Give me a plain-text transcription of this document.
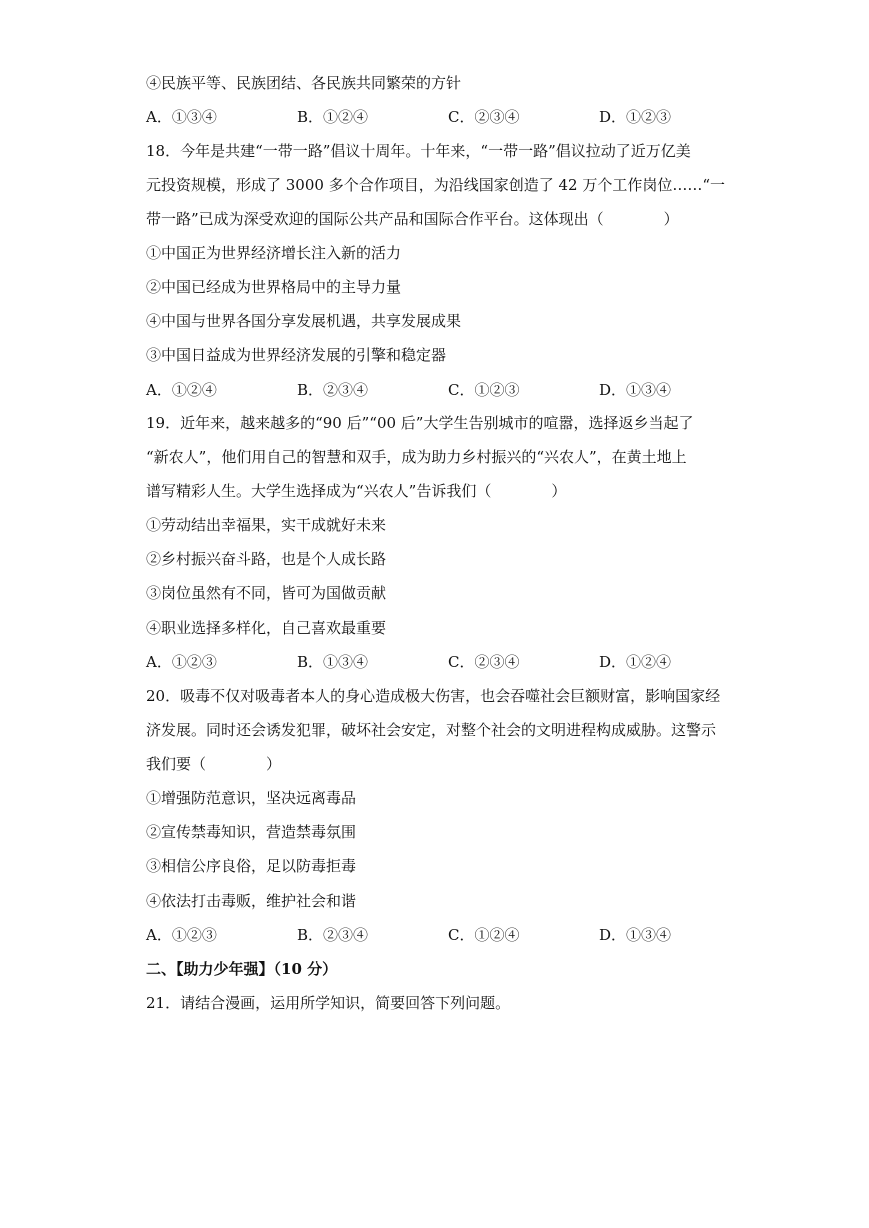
④民族平等、民族团结、各民族共同繁荣的方针
A．①③④	B．①②④	C．②③④	D．①②③
18．今年是共建“一带一路”倡议十周年。十年来，“一带一路”倡议拉动了近万亿美
元投资规模，形成了 3000 多个合作项目，为沿线国家创造了 42 万个工作岗位……“一
带一路”已成为深受欢迎的国际公共产品和国际合作平台。这体现出（　　　　）
①中国正为世界经济增长注入新的活力
②中国已经成为世界格局中的主导力量
④中国与世界各国分享发展机遇，共享发展成果
③中国日益成为世界经济发展的引擎和稳定器
A．①②④	B．②③④	C．①②③	D．①③④
19．近年来，越来越多的“90 后”“00 后”大学生告别城市的喧嚣，选择返乡当起了
“新农人”，他们用自己的智慧和双手，成为助力乡村振兴的“兴农人”，在黄土地上
谱写精彩人生。大学生选择成为“兴农人”告诉我们（　　　　）
①劳动结出幸福果，实干成就好未来
②乡村振兴奋斗路，也是个人成长路
③岗位虽然有不同，皆可为国做贡献
④职业选择多样化，自己喜欢最重要
A．①②③	B．①③④	C．②③④	D．①②④
20．吸毒不仅对吸毒者本人的身心造成极大伤害，也会吞噬社会巨额财富，影响国家经
济发展。同时还会诱发犯罪，破坏社会安定，对整个社会的文明进程构成威胁。这警示
我们要（　　　　）
①增强防范意识，坚决远离毒品
②宣传禁毒知识，营造禁毒氛围
③相信公序良俗，足以防毒拒毒
④依法打击毒贩，维护社会和谐
A．①②③	B．②③④	C．①②④	D．①③④
二、【助力少年强】（10 分）
21．请结合漫画，运用所学知识，简要回答下列问题。
